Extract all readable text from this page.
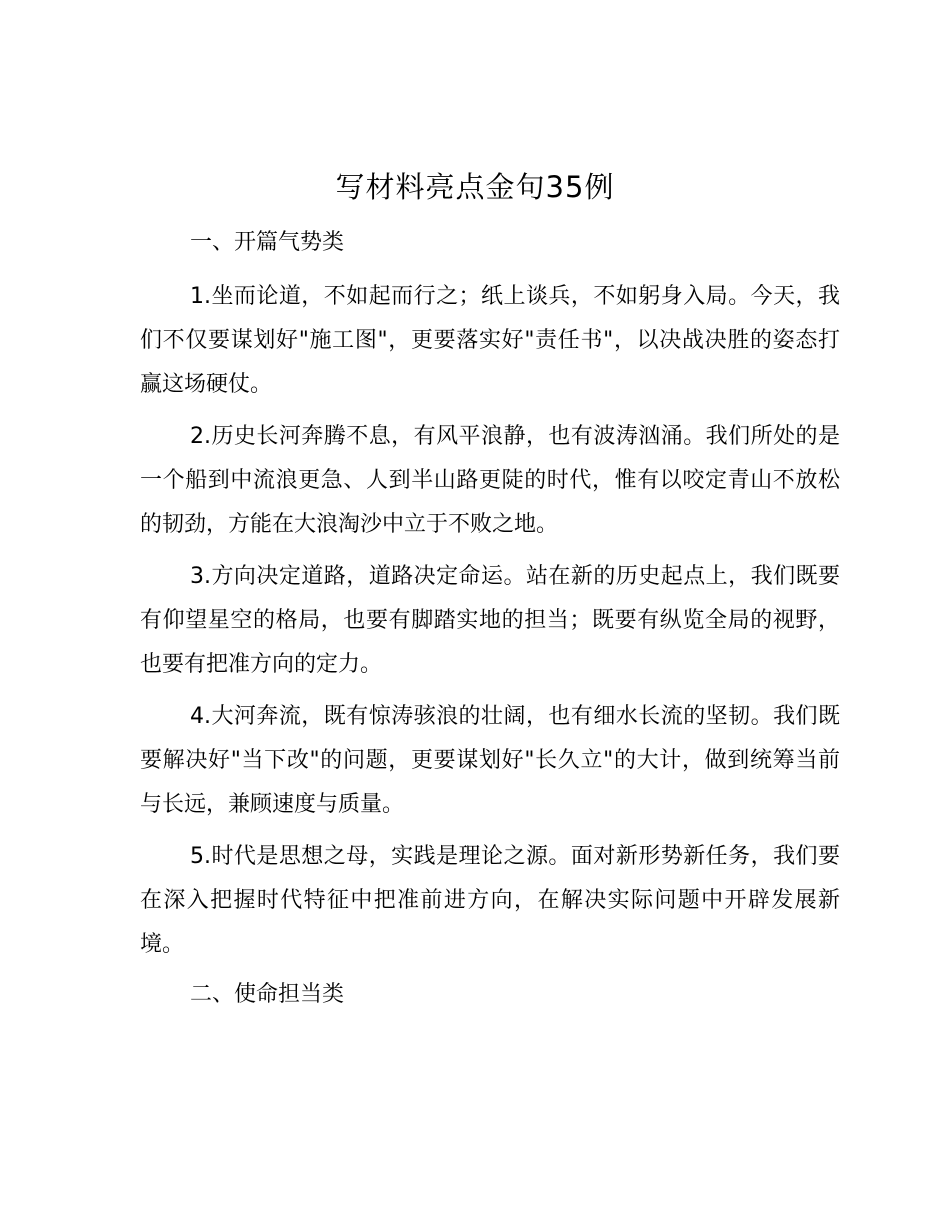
写材料亮点金句35例
一、开篇气势类

1.坐而论道，不如起而行之；纸上谈兵，不如躬身入局。今天，我们不仅要谋划好"施工图"，更要落实好"责任书"，以决战决胜的姿态打赢这场硬仗。

2.历史长河奔腾不息，有风平浪静，也有波涛汹涌。我们所处的是一个船到中流浪更急、人到半山路更陡的时代，惟有以咬定青山不放松的韧劲，方能在大浪淘沙中立于不败之地。

3.方向决定道路，道路决定命运。站在新的历史起点上，我们既要有仰望星空的格局，也要有脚踏实地的担当；既要有纵览全局的视野，也要有把准方向的定力。

4.大河奔流，既有惊涛骇浪的壮阔，也有细水长流的坚韧。我们既要解决好"当下改"的问题，更要谋划好"长久立"的大计，做到统筹当前与长远，兼顾速度与质量。

5.时代是思想之母，实践是理论之源。面对新形势新任务，我们要在深入把握时代特征中把准前进方向，在解决实际问题中开辟发展新境。

二、使命担当类
